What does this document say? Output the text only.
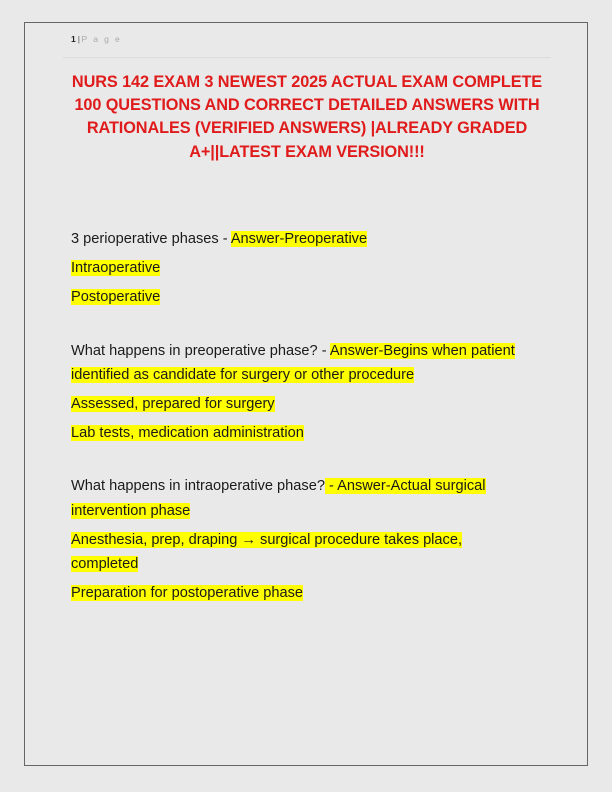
1 | P a g e
NURS 142 EXAM 3 NEWEST 2025 ACTUAL EXAM COMPLETE 100 QUESTIONS AND CORRECT DETAILED ANSWERS WITH RATIONALES (VERIFIED ANSWERS) |ALREADY GRADED A+||LATEST EXAM VERSION!!!

3 perioperative phases - Answer-Preoperative

Intraoperative

Postoperative

What happens in preoperative phase? - Answer-Begins when patient identified as candidate for surgery or other procedure

Assessed, prepared for surgery

Lab tests, medication administration

What happens in intraoperative phase? - Answer-Actual surgical intervention phase

Anesthesia, prep, draping → surgical procedure takes place, completed

Preparation for postoperative phase
